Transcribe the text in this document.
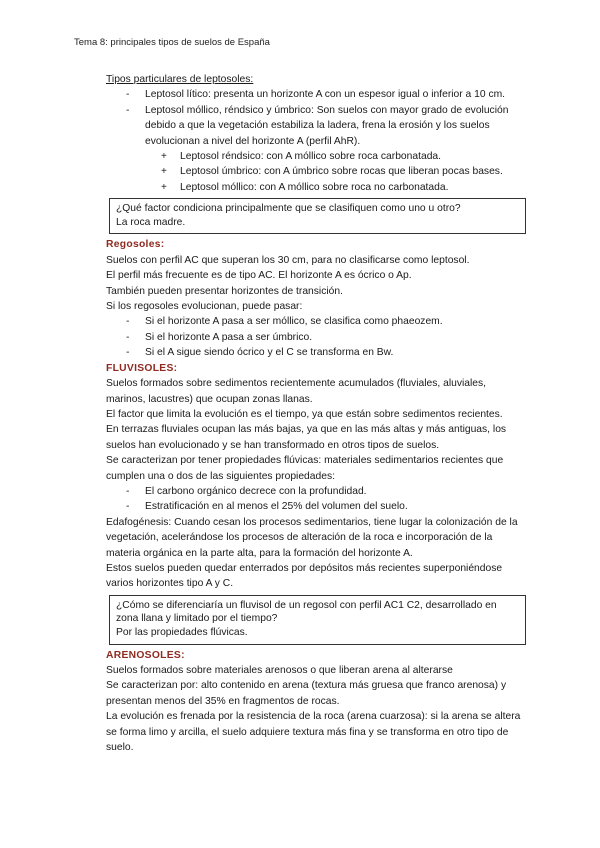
Tema 8: principales tipos de suelos de España

Tipos particulares de leptosoles:

- Leptosol lítico: presenta un horizonte A con un espesor igual o inferior a 10 cm.

- Leptosol móllico, réndsico y úmbrico: Son suelos con mayor grado de evolución debido a que la vegetación estabiliza la ladera, frena la erosión y los suelos evolucionan a nivel del horizonte A (perfil AhR).

+ Leptosol réndsico: con A móllico sobre roca carbonatada.

+ Leptosol úmbrico: con A úmbrico sobre rocas que liberan pocas bases.

+ Leptosol móllico: con A móllico sobre roca no carbonatada.

¿Qué factor condiciona principalmente que se clasifiquen como uno u otro?

La roca madre.

Regosoles:

Suelos con perfil AC que superan los 30 cm, para no clasificarse como leptosol.

El perfil más frecuente es de tipo AC. El horizonte A es ócrico o Ap.

También pueden presentar horizontes de transición.

Si los regosoles evolucionan, puede pasar:

- Si el horizonte A pasa a ser móllico, se clasifica como phaeozem.

- Si el horizonte A pasa a ser úmbrico.

- Si el A sigue siendo ócrico y el C se transforma en Bw.

FLUVISOLES:

Suelos formados sobre sedimentos recientemente acumulados (fluviales, aluviales, marinos, lacustres) que ocupan zonas llanas.

El factor que limita la evolución es el tiempo, ya que están sobre sedimentos recientes.

En terrazas fluviales ocupan las más bajas, ya que en las más altas y más antiguas, los suelos han evolucionado y se han transformado en otros tipos de suelos.

Se caracterizan por tener propiedades flúvicas: materiales sedimentarios recientes que cumplen una o dos de las siguientes propiedades:

- El carbono orgánico decrece con la profundidad.

- Estratificación en al menos el 25% del volumen del suelo.

Edafogénesis: Cuando cesan los procesos sedimentarios, tiene lugar la colonización de la vegetación, acelerándose los procesos de alteración de la roca e incorporación de la materia orgánica en la parte alta, para la formación del horizonte A.

Estos suelos pueden quedar enterrados por depósitos más recientes superponiéndose varios horizontes tipo A y C.

¿Cómo se diferenciaría un fluvisol de un regosol con perfil AC1 C2, desarrollado en zona llana y limitado por el tiempo?

Por las propiedades flúvicas.

ARENOSOLES:

Suelos formados sobre materiales arenosos o que liberan arena al alterarse

Se caracterizan por: alto contenido en arena (textura más gruesa que franco arenosa) y presentan menos del 35% en fragmentos de rocas.

La evolución es frenada por la resistencia de la roca (arena cuarzosa): si la arena se altera se forma limo y arcilla, el suelo adquiere textura más fina y se transforma en otro tipo de suelo.
